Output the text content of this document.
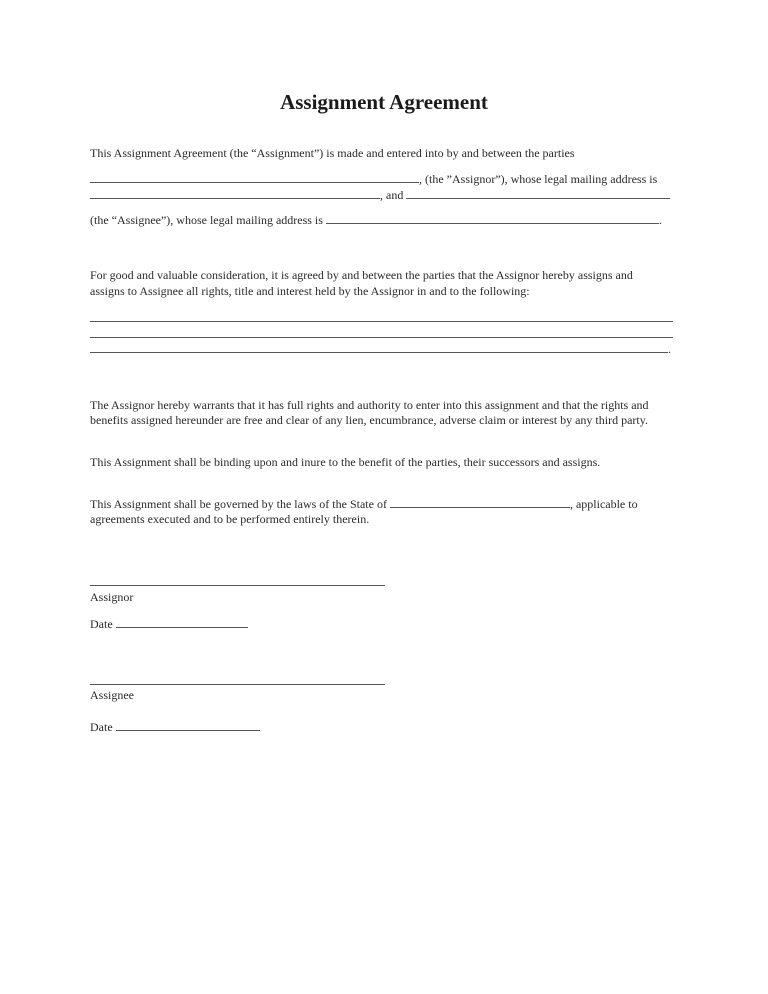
Assignment Agreement
This Assignment Agreement (the “Assignment”) is made and entered into by and between the parties
, (the ”Assignor”), whose legal mailing address is
, and
(the “Assignee”), whose legal mailing address is	.
For good and valuable consideration, it is agreed by and between the parties that the Assignor hereby assigns and
assigns to Assignee all rights, title and interest held by the Assignor in and to the following:
.
The Assignor hereby warrants that it has full rights and authority to enter into this assignment and that the rights and
benefits assigned hereunder are free and clear of any lien, encumbrance, adverse claim or interest by any third party.
This Assignment shall be binding upon and inure to the benefit of the parties, their successors and assigns.
This Assignment shall be governed by the laws of the State of	, applicable to
agreements executed and to be performed entirely therein.
Assignor
Date
Assignee
Date
